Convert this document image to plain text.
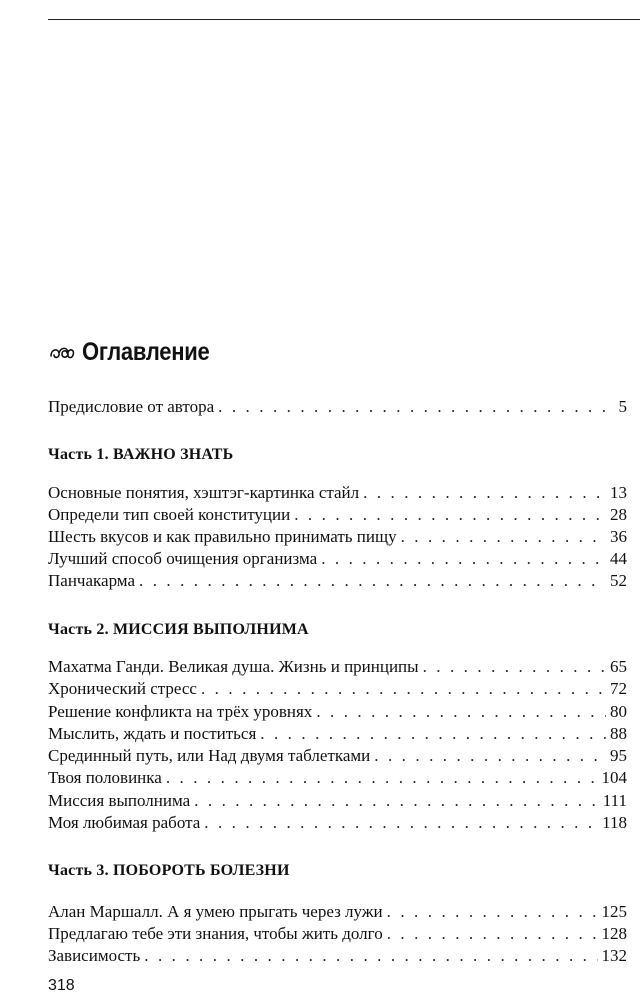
Оглавление
Предисловие от автора . . .	5
Часть 1. ВАЖНО ЗНАТЬ
Основные понятия, хэштэг-картинка стайл . . .	13
Определи тип своей конституции . . .	28
Шесть вкусов и как правильно принимать пищу . . .	36
Лучший способ очищения организма . . .	44
Панчакарма . . .	52
Часть 2. МИССИЯ ВЫПОЛНИМА
Махатма Ганди. Великая душа. Жизнь и принципы . . .	65
Хронический стресс . . .	72
Решение конфликта на трёх уровнях . . .	80
Мыслить, ждать и поститься . . .	88
Срединный путь, или Над двумя таблетками . . .	95
Твоя половинка . . .	104
Миссия выполнима . . .	111
Моя любимая работа . . .	118
Часть 3. ПОБОРОТЬ БОЛЕЗНИ
Алан Маршалл. А я умею прыгать через лужи . . .	125
Предлагаю тебе эти знания, чтобы жить долго . . .	128
Зависимость . . .	132
318
